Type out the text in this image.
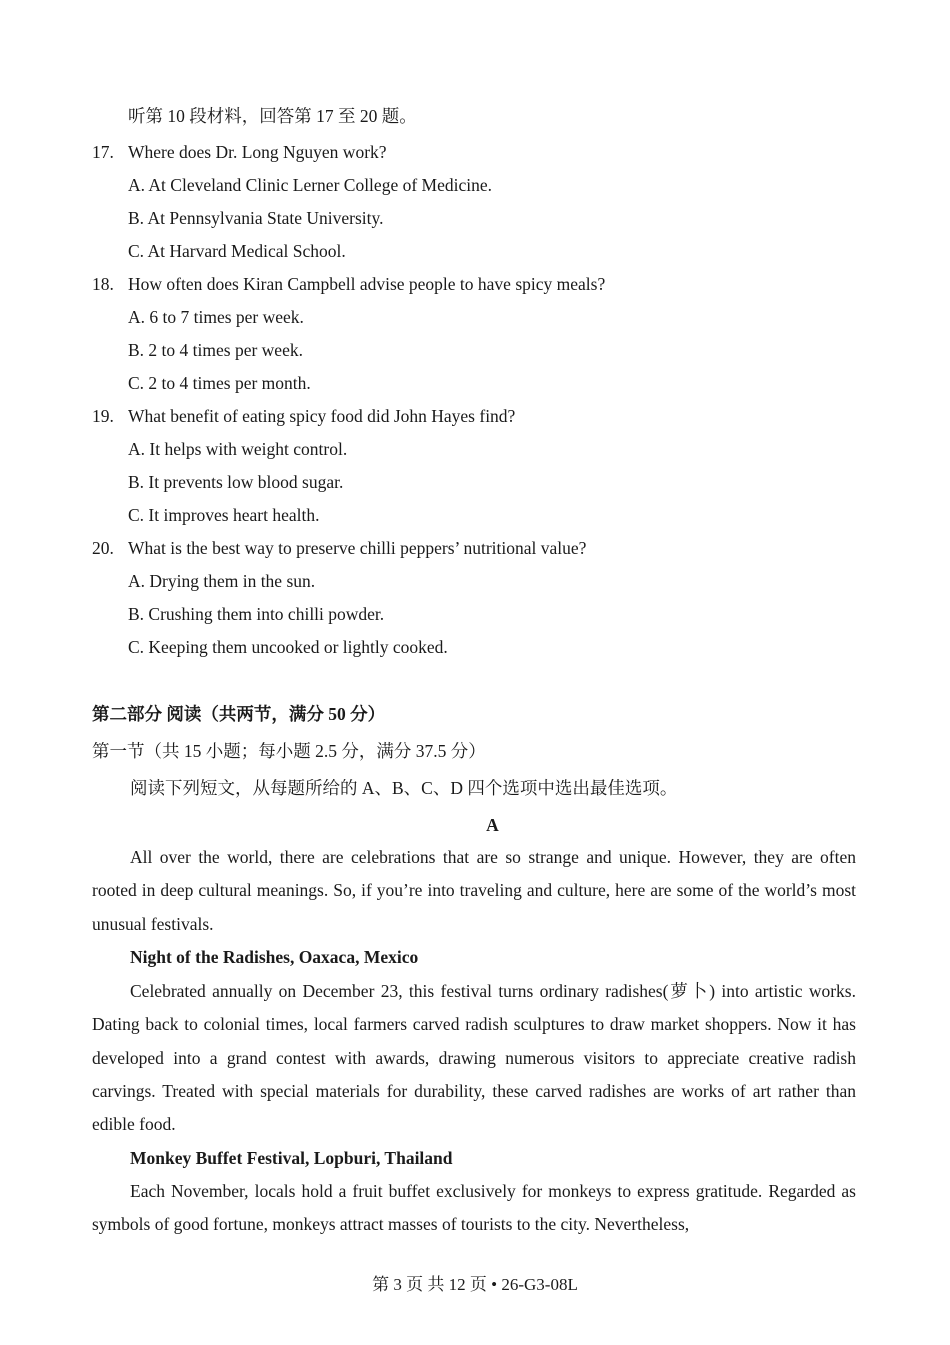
听第 10 段材料，回答第 17 至 20 题。
17. Where does Dr. Long Nguyen work?
A. At Cleveland Clinic Lerner College of Medicine.
B. At Pennsylvania State University.
C. At Harvard Medical School.
18. How often does Kiran Campbell advise people to have spicy meals?
A. 6 to 7 times per week.
B. 2 to 4 times per week.
C. 2 to 4 times per month.
19. What benefit of eating spicy food did John Hayes find?
A. It helps with weight control.
B. It prevents low blood sugar.
C. It improves heart health.
20. What is the best way to preserve chilli peppers’ nutritional value?
A. Drying them in the sun.
B. Crushing them into chilli powder.
C. Keeping them uncooked or lightly cooked.
第二部分 阅读（共两节，满分 50 分）
第一节（共 15 小题；每小题 2.5 分，满分 37.5 分）
阅读下列短文，从每题所给的 A、B、C、D 四个选项中选出最佳选项。
A
All over the world, there are celebrations that are so strange and unique. However, they are often rooted in deep cultural meanings. So, if you’re into traveling and culture, here are some of the world’s most unusual festivals.
Night of the Radishes, Oaxaca, Mexico
Celebrated annually on December 23, this festival turns ordinary radishes(萝卜) into artistic works. Dating back to colonial times, local farmers carved radish sculptures to draw market shoppers. Now it has developed into a grand contest with awards, drawing numerous visitors to appreciate creative radish carvings. Treated with special materials for durability, these carved radishes are works of art rather than edible food.
Monkey Buffet Festival, Lopburi, Thailand
Each November, locals hold a fruit buffet exclusively for monkeys to express gratitude. Regarded as symbols of good fortune, monkeys attract masses of tourists to the city. Nevertheless,
第 3 页 共 12 页 • 26-G3-08L
